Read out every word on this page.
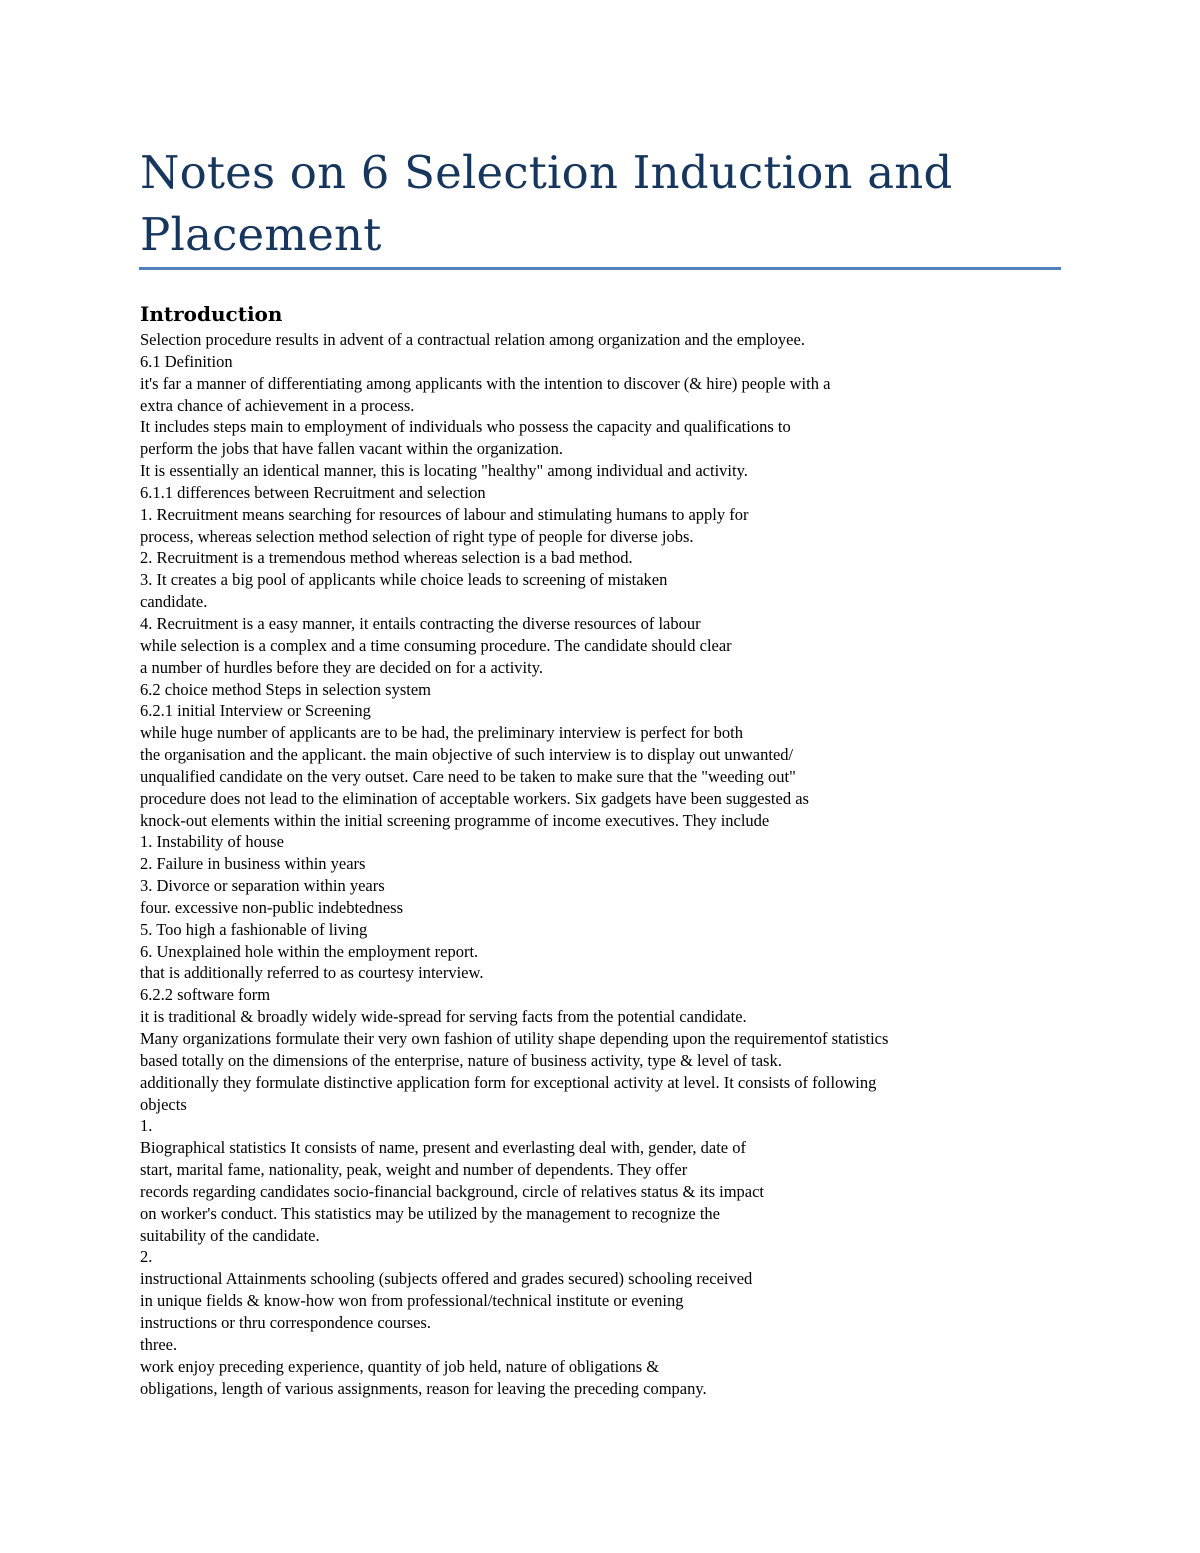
Notes on 6 Selection Induction and
Placement
Introduction
Selection procedure results in advent of a contractual relation among organization and the employee.
6.1 Definition
it's far a manner of differentiating among applicants with the intention to discover (& hire) people with a
extra chance of achievement in a process.
It includes steps main to employment of individuals who possess the capacity and qualifications to
perform the jobs that have fallen vacant within the organization.
It is essentially an identical manner, this is locating "healthy" among individual and activity.
6.1.1 differences between Recruitment and selection
1. Recruitment means searching for resources of labour and stimulating humans to apply for
process, whereas selection method selection of right type of people for diverse jobs.
2. Recruitment is a tremendous method whereas selection is a bad method.
3. It creates a big pool of applicants while choice leads to screening of mistaken
candidate.
4. Recruitment is a easy manner, it entails contracting the diverse resources of labour
while selection is a complex and a time consuming procedure. The candidate should clear
a number of hurdles before they are decided on for a activity.
6.2 choice method Steps in selection system
6.2.1 initial Interview or Screening
while huge number of applicants are to be had, the preliminary interview is perfect for both
the organisation and the applicant. the main objective of such interview is to display out unwanted/
unqualified candidate on the very outset. Care need to be taken to make sure that the "weeding out"
procedure does not lead to the elimination of acceptable workers. Six gadgets have been suggested as
knock-out elements within the initial screening programme of income executives. They include
1. Instability of house
2. Failure in business within years
3. Divorce or separation within years
four. excessive non-public indebtedness
5. Too high a fashionable of living
6. Unexplained hole within the employment report.
that is additionally referred to as courtesy interview.
6.2.2 software form
it is traditional & broadly widely wide-spread for serving facts from the potential candidate.
Many organizations formulate their very own fashion of utility shape depending upon the requirementof statistics
based totally on the dimensions of the enterprise, nature of business activity, type & level of task.
additionally they formulate distinctive application form for exceptional activity at level. It consists of following
objects
1.
Biographical statistics It consists of name, present and everlasting deal with, gender, date of
start, marital fame, nationality, peak, weight and number of dependents. They offer
records regarding candidates socio-financial background, circle of relatives status & its impact
on worker's conduct. This statistics may be utilized by the management to recognize the
suitability of the candidate.
2.
instructional Attainments schooling (subjects offered and grades secured) schooling received
in unique fields & know-how won from professional/technical institute or evening
instructions or thru correspondence courses.
three.
work enjoy preceding experience, quantity of job held, nature of obligations &
obligations, length of various assignments, reason for leaving the preceding company.
